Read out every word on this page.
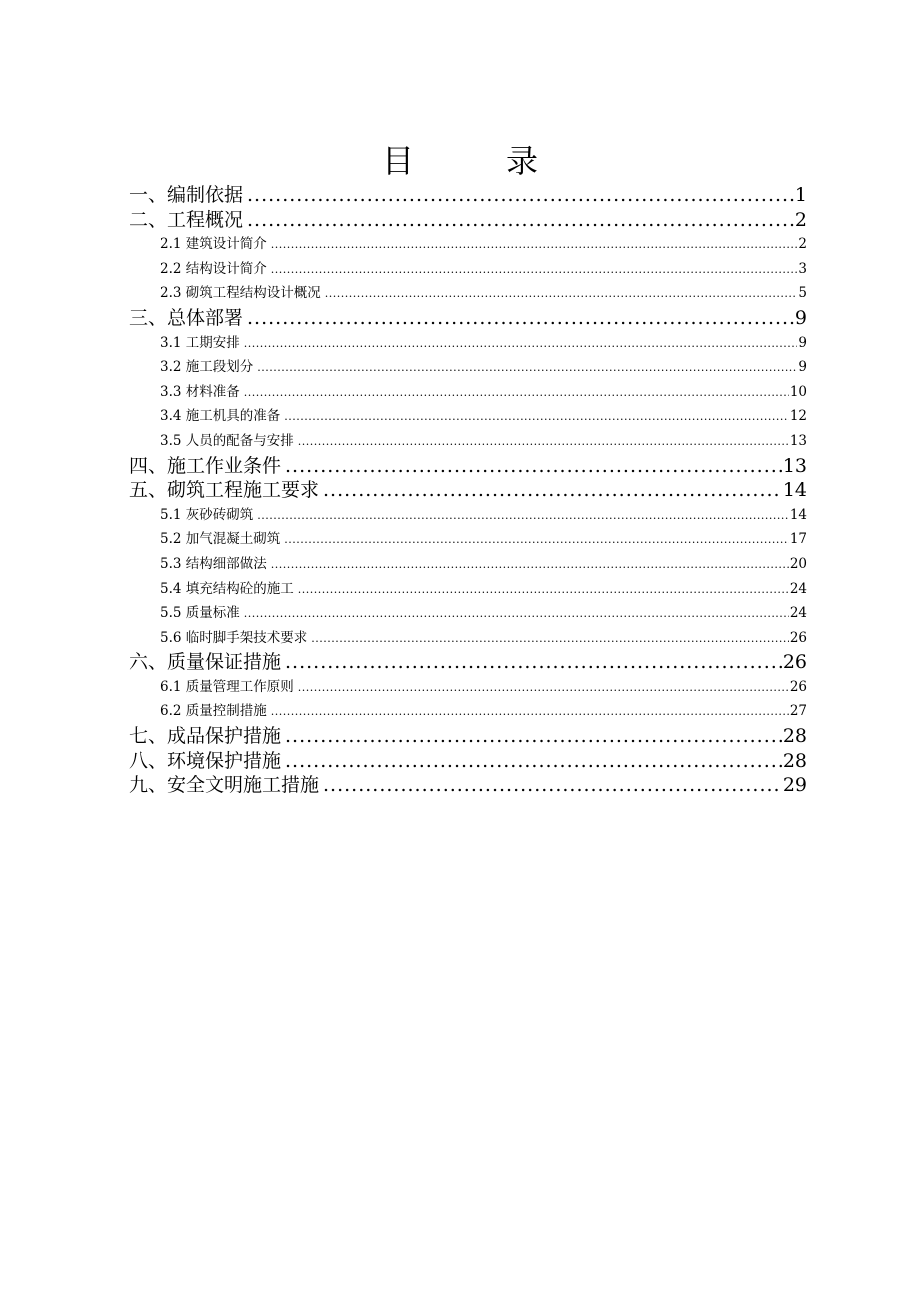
目　录
一、编制依据 .....	1
二、工程概况 .....	2
2.1 建筑设计简介 .....	2
2.2 结构设计简介 .....	3
2.3 砌筑工程结构设计概况 .....	5
三、总体部署 .....	9
3.1 工期安排 .....	9
3.2 施工段划分 .....	9
3.3 材料准备 .....	10
3.4 施工机具的准备 .....	12
3.5 人员的配备与安排 .....	13
四、施工作业条件 .....	13
五、砌筑工程施工要求 .....	14
5.1 灰砂砖砌筑 .....	14
5.2 加气混凝土砌筑 .....	17
5.3 结构细部做法 .....	20
5.4 填充结构砼的施工 .....	24
5.5 质量标准 .....	24
5.6 临时脚手架技术要求 .....	26
六、质量保证措施 .....	26
6.1 质量管理工作原则 .....	26
6.2 质量控制措施 .....	27
七、成品保护措施 .....	28
八、环境保护措施 .....	28
九、安全文明施工措施 .....	29
